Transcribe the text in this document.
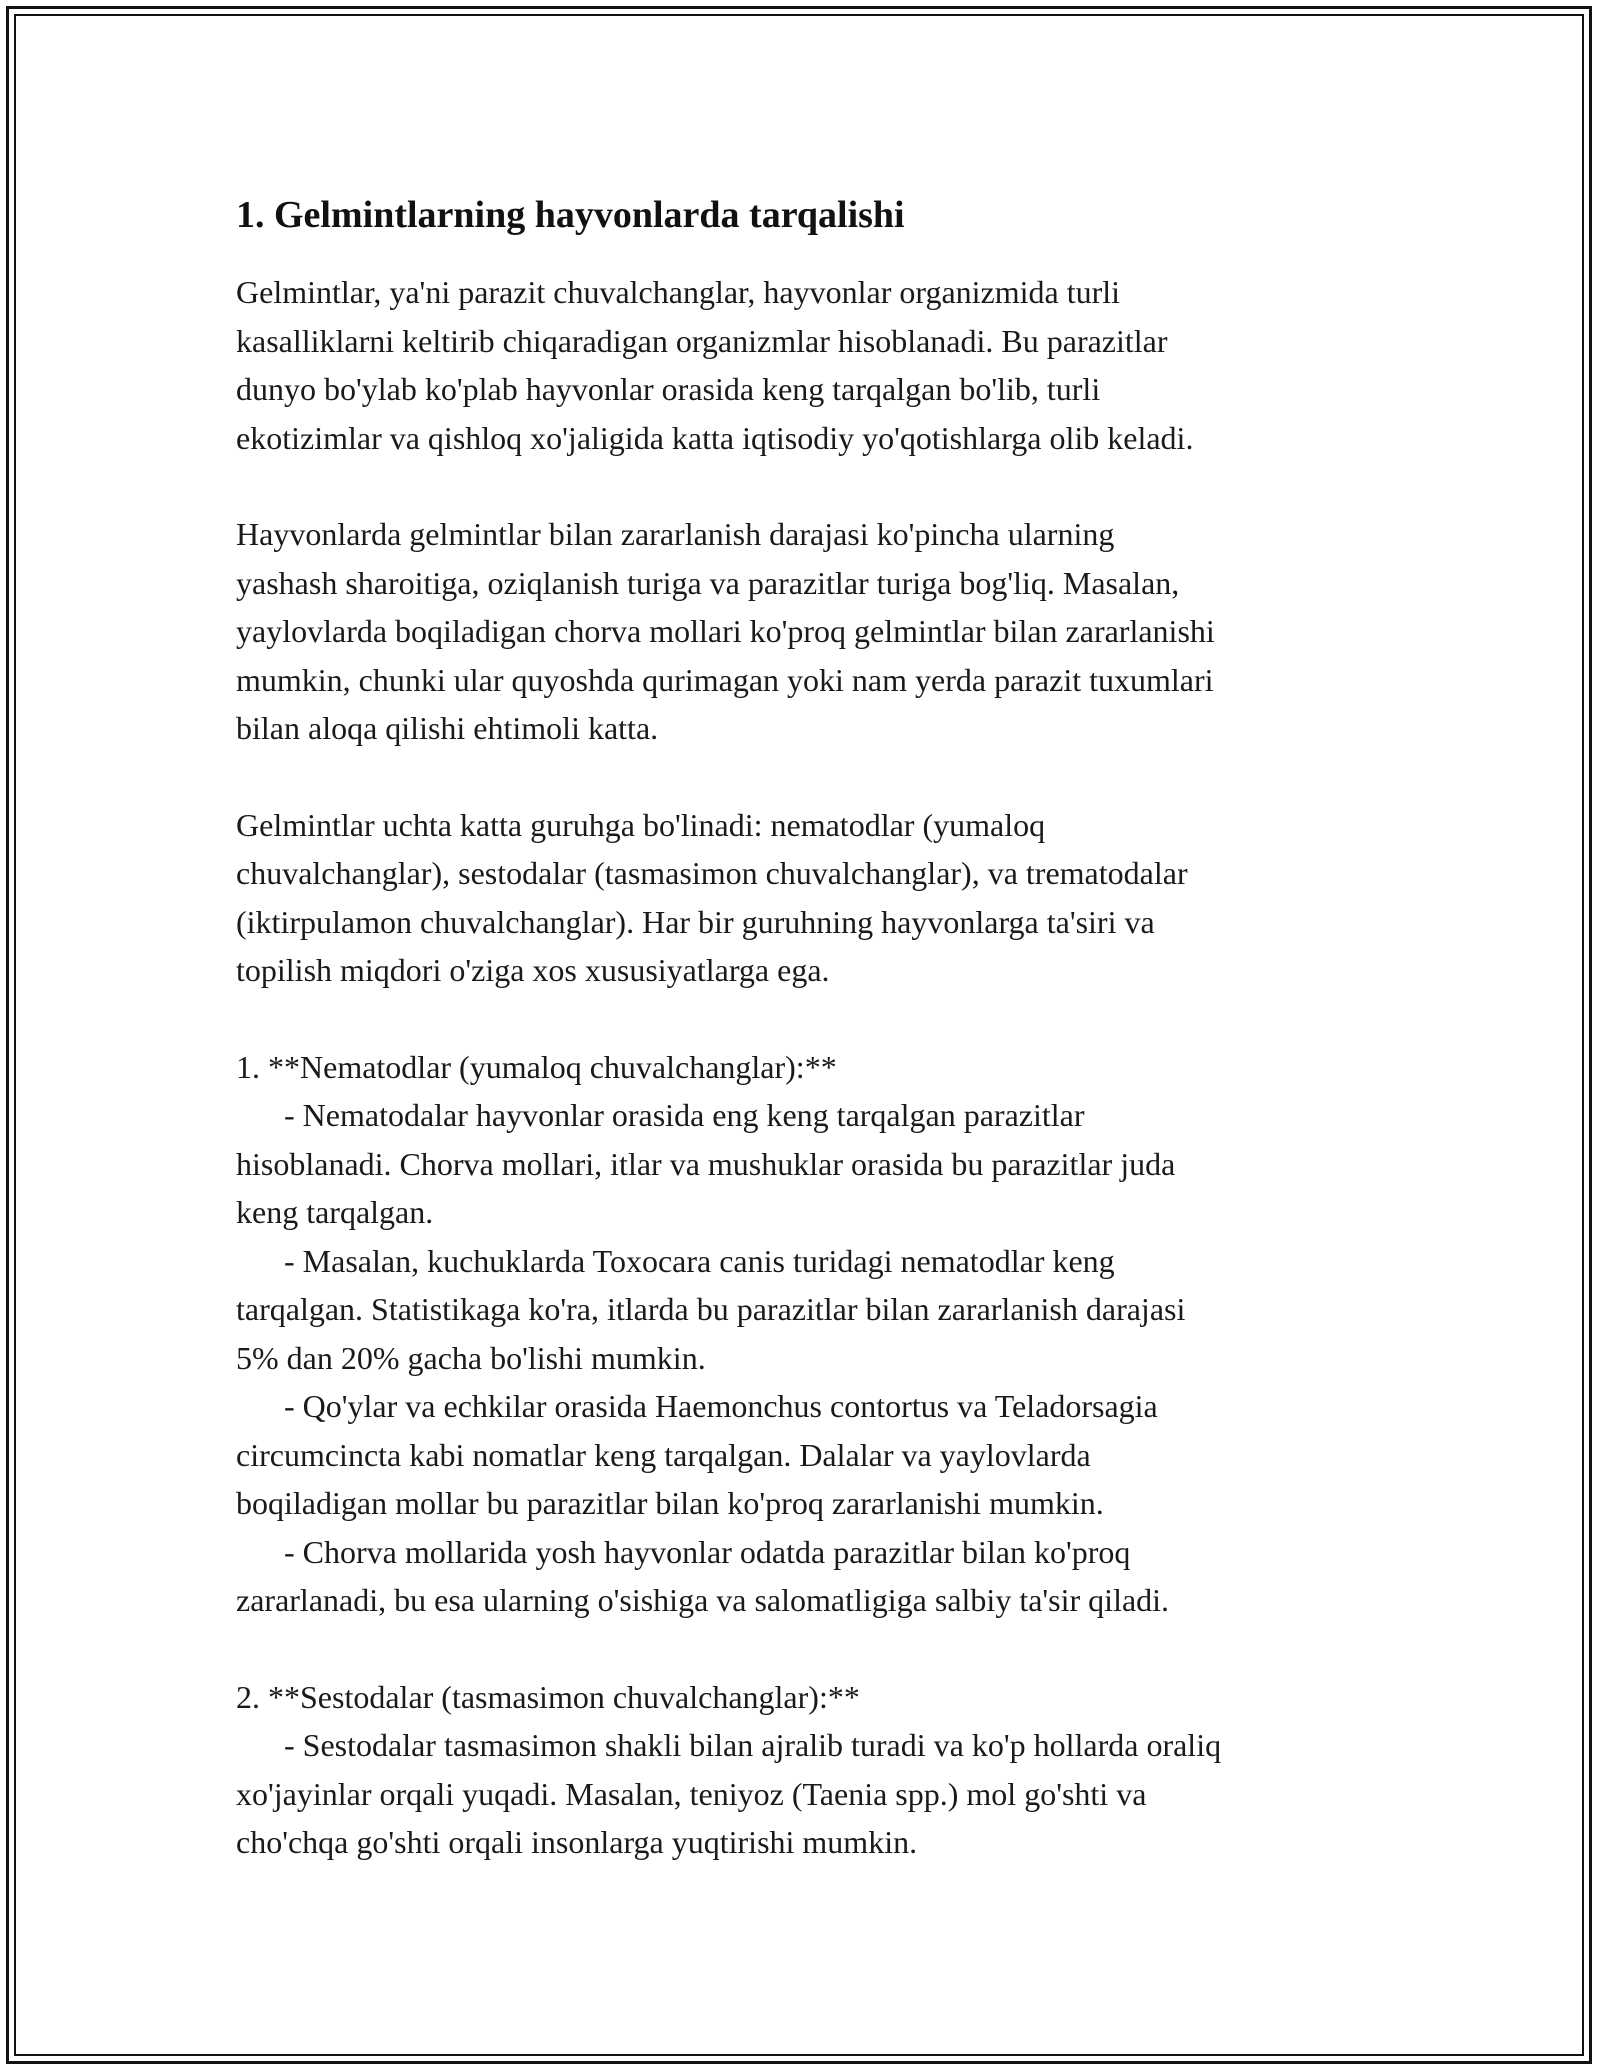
1. Gelmintlarning hayvonlarda tarqalishi
Gelmintlar, ya'ni parazit chuvalchanglar, hayvonlar organizmida turli
kasalliklarni keltirib chiqaradigan organizmlar hisoblanadi. Bu parazitlar
dunyo bo'ylab ko'plab hayvonlar orasida keng tarqalgan bo'lib, turli
ekotizimlar va qishloq xo'jaligida katta iqtisodiy yo'qotishlarga olib keladi.
Hayvonlarda gelmintlar bilan zararlanish darajasi ko'pincha ularning
yashash sharoitiga, oziqlanish turiga va parazitlar turiga bog'liq. Masalan,
yaylovlarda boqiladigan chorva mollari ko'proq gelmintlar bilan zararlanishi
mumkin, chunki ular quyoshda qurimagan yoki nam yerda parazit tuxumlari
bilan aloqa qilishi ehtimoli katta.
Gelmintlar uchta katta guruhga bo'linadi: nematodlar (yumaloq
chuvalchanglar), sestodalar (tasmasimon chuvalchanglar), va trematodalar
(iktirpulamon chuvalchanglar). Har bir guruhning hayvonlarga ta'siri va
topilish miqdori o'ziga xos xususiyatlarga ega.
1. **Nematodlar (yumaloq chuvalchanglar):**
- Nematodalar hayvonlar orasida eng keng tarqalgan parazitlar
hisoblanadi. Chorva mollari, itlar va mushuklar orasida bu parazitlar juda
keng tarqalgan.
- Masalan, kuchuklarda Toxocara canis turidagi nematodlar keng
tarqalgan. Statistikaga ko'ra, itlarda bu parazitlar bilan zararlanish darajasi
5% dan 20% gacha bo'lishi mumkin.
- Qo'ylar va echkilar orasida Haemonchus contortus va Teladorsagia
circumcincta kabi nomatlar keng tarqalgan. Dalalar va yaylovlarda
boqiladigan mollar bu parazitlar bilan ko'proq zararlanishi mumkin.
- Chorva mollarida yosh hayvonlar odatda parazitlar bilan ko'proq
zararlanadi, bu esa ularning o'sishiga va salomatligiga salbiy ta'sir qiladi.
2. **Sestodalar (tasmasimon chuvalchanglar):**
- Sestodalar tasmasimon shakli bilan ajralib turadi va ko'p hollarda oraliq
xo'jayinlar orqali yuqadi. Masalan, teniyoz (Taenia spp.) mol go'shti va
cho'chqa go'shti orqali insonlarga yuqtirishi mumkin.
